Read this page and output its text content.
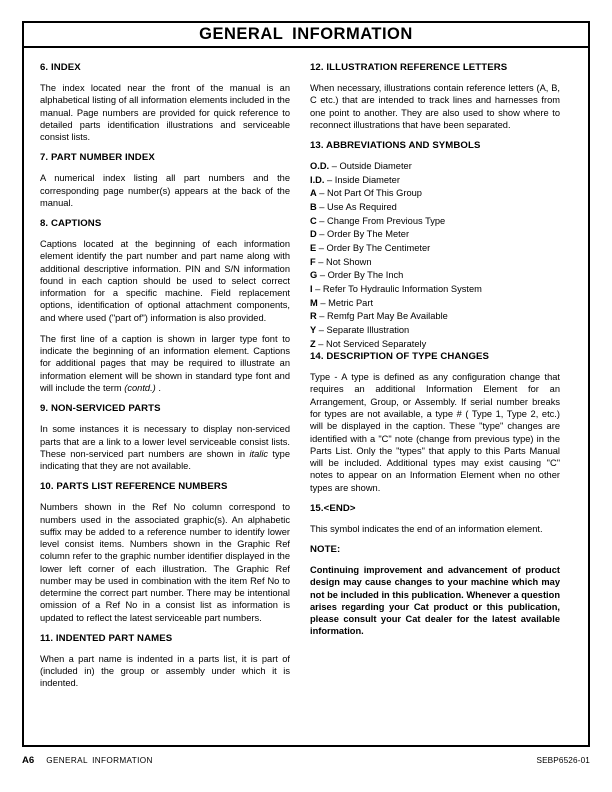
GENERAL INFORMATION
6. INDEX

The index located near the front of the manual is an alphabetical listing of all information elements included in the manual. Page numbers are provided for quick reference to detailed parts identification illustrations and serviceable consist lists.

7. PART NUMBER INDEX

A numerical index listing all part numbers and the corresponding page number(s) appears at the back of the manual.

8. CAPTIONS

Captions located at the beginning of each information element identify the part number and part name along with additional descriptive information. PIN and S/N information found in each caption should be used to select correct information for a specific machine. Field replacement options, identification of optional attachment components, and where used ("part of") information is also provided.

The first line of a caption is shown in larger type font to indicate the beginning of an information element. Captions for additional pages that may be required to illustrate an information element will be shown in standard type font and will include the term (contd.) .

9. NON-SERVICED PARTS

In some instances it is necessary to display non-serviced parts that are a link to a lower level serviceable consist lists. These non-serviced part numbers are shown in italic type indicating that they are not available.

10. PARTS LIST REFERENCE NUMBERS

Numbers shown in the Ref No column correspond to numbers used in the associated graphic(s). An alphabetic suffix may be added to a reference number to identify lower level consist items. Numbers shown in the Graphic Ref column refer to the graphic number identifier displayed in the lower left corner of each illustration. The Graphic Ref number may be used in combination with the item Ref No to determine the correct part number. There may be intentional omission of a Ref No in a consist list as information is updated to reflect the latest serviceable part numbers.

11. INDENTED PART NAMES

When a part name is indented in a parts list, it is part of (included in) the group or assembly under which it is indented.

12. ILLUSTRATION REFERENCE LETTERS

When necessary, illustrations contain reference letters (A, B, C etc.) that are intended to track lines and harnesses from one point to another. They are also used to show where to reconnect illustrations that have been separated.

13. ABBREVIATIONS AND SYMBOLS
O.D. – Outside Diameter
I.D. – Inside Diameter
A – Not Part Of This Group
B – Use As Required
C – Change From Previous Type
D – Order By The Meter
E – Order By The Centimeter
F – Not Shown
G – Order By The Inch
I – Refer To Hydraulic Information System
M – Metric Part
R – Remfg Part May Be Available
Y – Separate Illustration
Z – Not Serviced Separately
14. DESCRIPTION OF TYPE CHANGES

Type - A type is defined as any configuration change that requires an additional Information Element for an Arrangement, Group, or Assembly. If serial number breaks for types are not available, a type # ( Type 1, Type 2, etc.) will be displayed in the caption. These "type" changes are identified with a "C" note (change from previous type) in the Parts List. Only the "types" that apply to this Parts Manual will be included. Additional types may exist causing "C" notes to appear on an Information Element when no other types are shown.

15.<END>

This symbol indicates the end of an information element.

NOTE:

Continuing improvement and advancement of product design may cause changes to your machine which may not be included in this publication. Whenever a question arises regarding your Cat product or this publication, please consult your Cat dealer for the latest available information.

A6 GENERAL INFORMATION	SEBP6526-01
